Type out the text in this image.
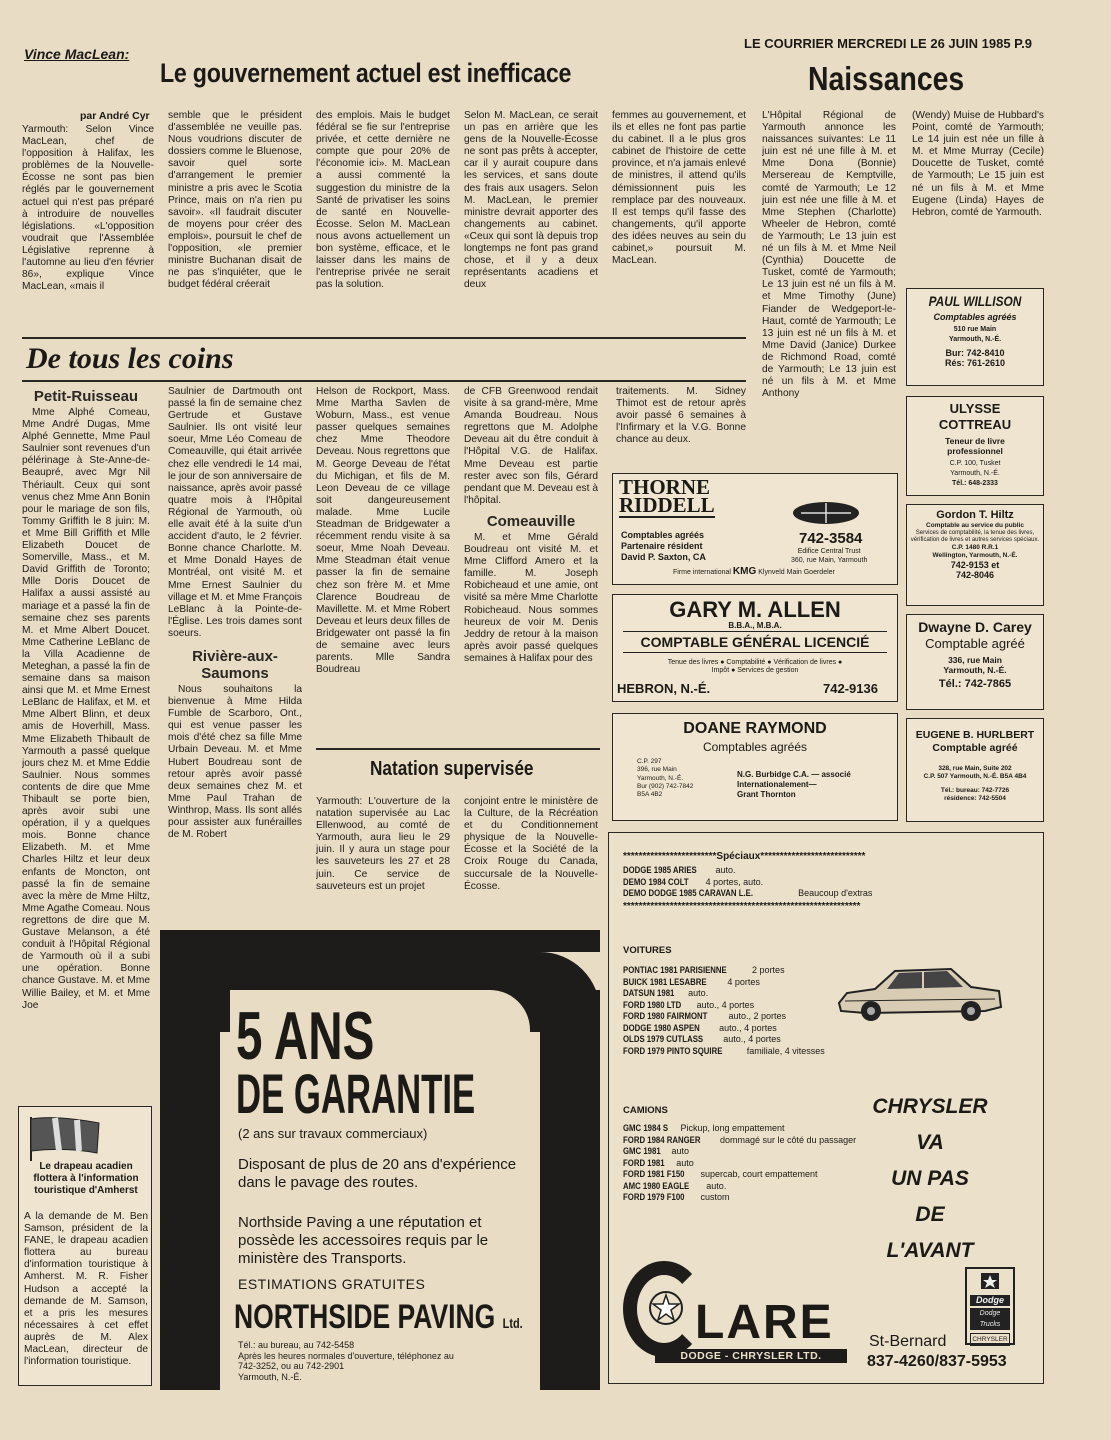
Vince MacLean:
LE COURRIER MERCREDI LE 26 JUIN 1985 P.9
Le gouvernement actuel est inefficace
par André Cyr

Yarmouth: Selon Vince MacLean, chef de l'opposition à Halifax, les problèmes de la Nouvelle-Écosse ne sont pas bien réglés par le gouvernement actuel qui n'est pas préparé à introduire de nouvelles législations. «L'opposition voudrait que l'Assemblée Législative reprenne à l'automne au lieu d'en février 86», explique Vince MacLean, «mais il

semble que le président d'assemblée ne veuille pas. Nous voudrions discuter de dossiers comme le Bluenose, savoir quel sorte d'arrangement le premier ministre a pris avec le Scotia Prince, mais on n'a rien pu savoir». «Il faudrait discuter de moyens pour créer des emplois», poursuit le chef de l'opposition, «le premier ministre Buchanan disait de ne pas s'inquiéter, que le budget fédéral créerait

des emplois. Mais le budget fédéral se fie sur l'entreprise privée, et cette dernière ne compte que pour 20% de l'économie ici». M. MacLean a aussi commenté la suggestion du ministre de la Santé de privatiser les soins de santé en Nouvelle-Écosse. Selon M. MacLean nous avons actuellement un bon système, efficace, et le laisser dans les mains de l'entreprise privée ne serait pas la solution.

Selon M. MacLean, ce serait un pas en arrière que les gens de la Nouvelle-Écosse ne sont pas prêts à accepter, car il y aurait coupure dans les services, et sans doute des frais aux usagers. Selon M. MacLean, le premier ministre devrait apporter des changements au cabinet. «Ceux qui sont là depuis trop longtemps ne font pas grand chose, et il y a deux représentants acadiens et deux

femmes au gouvernement, et ils et elles ne font pas partie du cabinet. Il a le plus gros cabinet de l'histoire de cette province, et n'a jamais enlevé de ministres, il attend qu'ils démissionnent puis les remplace par des nouveaux. Il est temps qu'il fasse des changements, qu'il apporte des idées neuves au sein du cabinet,» poursuit M. MacLean.

Naissances

L'Hôpital Régional de Yarmouth annonce les naissances suivantes: Le 11 juin est né une fille à M. et Mme Dona (Bonnie) Mersereau de Kemptville, comté de Yarmouth; Le 12 juin est née une fille à M. et Mme Stephen (Charlotte) Wheeler de Hebron, comté de Yarmouth; Le 13 juin est né un fils à M. et Mme Neil (Cynthia) Doucette de Tusket, comté de Yarmouth; Le 13 juin est né un fils à M. et Mme Timothy (June) Fiander de Wedgeport-le-Haut, comté de Yarmouth; Le 13 juin est né un fils à M. et Mme David (Janice) Durkee de Richmond Road, comté de Yarmouth; Le 13 juin est né un fils à M. et Mme Anthony

(Wendy) Muise de Hubbard's Point, comté de Yarmouth; Le 14 juin est née un fille à M. et Mme Murray (Cecile) Doucette de Tusket, comté de Yarmouth; Le 15 juin est né un fils à M. et Mme Eugene (Linda) Hayes de Hebron, comté de Yarmouth.

De tous les coins
Petit-Ruisseau

Mme Alphé Comeau, Mme André Dugas, Mme Alphé Gennette, Mme Paul Saulnier sont revenues d'un pélérinage à Ste-Anne-de-Beaupré, avec Mgr Nil Thériault. Ceux qui sont venus chez Mme Ann Bonin pour le mariage de son fils, Tommy Griffith le 8 juin: M. et Mme Bill Griffith et Mlle Elizabeth Doucet de Somerville, Mass., et M. David Griffith de Toronto; Mlle Doris Doucet de Halifax a aussi assisté au mariage et a passé la fin de semaine chez ses parents M. et Mme Albert Doucet. Mme Catherine LeBlanc de la Villa Acadienne de Meteghan, a passé la fin de semaine dans sa maison ainsi que M. et Mme Ernest LeBlanc de Halifax, et M. et Mme Albert Blinn, et deux amis de Hoverhill, Mass. Mme Elizabeth Thibault de Yarmouth a passé quelque jours chez M. et Mme Eddie Saulnier. Nous sommes contents de dire que Mme Thibault se porte bien, après avoir subi une opération, il y a quelques mois. Bonne chance Elizabeth. M. et Mme Charles Hiltz et leur deux enfants de Moncton, ont passé la fin de semaine avec la mère de Mme Hiltz, Mme Agathe Comeau. Nous regrettons de dire que M. Gustave Melanson, a été conduit à l'Hôpital Régional de Yarmouth où il a subi une opération. Bonne chance Gustave. M. et Mme Willie Bailey, et M. et Mme Joe

Saulnier de Dartmouth ont passé la fin de semaine chez Gertrude et Gustave Saulnier. Ils ont visité leur soeur, Mme Léo Comeau de Comeauville, qui était arrivée chez elle vendredi le 14 mai, le jour de son anniversaire de naissance, après avoir passé quatre mois à l'Hôpital Régional de Yarmouth, où elle avait été à la suite d'un accident d'auto, le 2 février. Bonne chance Charlotte. M. et Mme Donald Hayes de Montréal, ont visité M. et Mme Ernest Saulnier du village et M. et Mme François LeBlanc à la Pointe-de-l'Église. Les trois dames sont soeurs.

Rivière-aux-Saumons

Nous souhaitons la bienvenue à Mme Hilda Fumble de Scarboro, Ont., qui est venue passer les mois d'été chez sa fille Mme Urbain Deveau. M. et Mme Hubert Boudreau sont de retour après avoir passé deux semaines chez M. et Mme Paul Trahan de Winthrop, Mass. Ils sont allés pour assister aux funérailles de M. Robert

Helson de Rockport, Mass. Mme Martha Savlen de Woburn, Mass., est venue passer quelques semaines chez Mme Theodore Deveau. Nous regrettons que M. George Deveau de l'état du Michigan, et fils de M. Leon Deveau de ce village soit dangeureusement malade. Mme Lucile Steadman de Bridgewater a récemment rendu visite à sa soeur, Mme Noah Deveau. Mme Steadman était venue passer la fin de semaine chez son frère M. et Mme Clarence Boudreau de Mavillette. M. et Mme Robert Deveau et leurs deux filles de Bridgewater ont passé la fin de semaine avec leurs parents. Mlle Sandra Boudreau

de CFB Greenwood rendait visite à sa grand-mère, Mme Amanda Boudreau. Nous regrettons que M. Adolphe Deveau ait du être conduit à l'Hôpital V.G. de Halifax. Mme Deveau est partie rester avec son fils, Gérard pendant que M. Deveau est à l'hôpital.

Comeauville

M. et Mme Gérald Boudreau ont visité M. et Mme Clifford Amero et la famille. M. Joseph Robicheaud et une amie, ont visité sa mère Mme Charlotte Robicheaud. Nous sommes heureux de voir M. Denis Jeddry de retour à la maison après avoir passé quelques semaines à Halifax pour des

traitements. M. Sidney Thimot est de retour après avoir passé 6 semaines à l'Infirmary et la V.G. Bonne chance au deux.

Le drapeau acadien flottera à l'information touristique d'Amherst

A la demande de M. Ben Samson, président de la FANE, le drapeau acadien flottera au bureau d'information touristique à Amherst. M. R. Fisher Hudson a accepté la demande de M. Samson, et a pris les mesures nécessaires à cet effet auprès de M. Alex MacLean, directeur de l'information touristique.

Natation supervisée

Yarmouth: L'ouverture de la natation supervisée au Lac Ellenwood, au comté de Yarmouth, aura lieu le 29 juin. Il y aura un stage pour les sauveteurs les 27 et 28 juin. Ce service de sauveteurs est un projet

conjoint entre le ministère de la Culture, de la Récréation et du Conditionnement physique de la Nouvelle-Écosse et la Société de la Croix Rouge du Canada, succursale de la Nouvelle-Écosse.

5 ANS
DE GARANTIE
(2 ans sur travaux commerciaux)
Disposant de plus de 20 ans d'expérience dans le pavage des routes.
Northside Paving a une réputation et possède les accessoires requis par le ministère des Transports.
ESTIMATIONS GRATUITES
NORTHSIDE PAVING Ltd.
Tél.: au bureau, au 742-5458
Après les heures normales d'ouverture, téléphonez au
742-3252, ou au 742-2901
Yarmouth, N.-É.
THORNE
RIDDELL
Comptables agréés
Partenaire résident
David P. Saxton, CA
742-3584
Edifice Central Trust
360, rue Main, Yarmouth
Firme international KMG Klynveld Main Goerdeler
GARY M. ALLEN
B.B.A., M.B.A.
COMPTABLE GÉNÉRAL LICENCIÉ
Tenue des livres ● Comptabilité ● Vérification de livres ●
Impôt ● Services de gestion
HEBRON, N.-É.	742-9136
DOANE RAYMOND
Comptables agréés
C.P. 297
396, rue Main
Yarmouth, N.-É.
Bur (902) 742-7842
B5A 4B2
N.G. Burbidge C.A. — associé
Internationalement—
Grant Thornton
PAUL WILLISON
Comptables agréés
510 rue Main
Yarmouth, N.-É.
Bur: 742-8410
Rés: 761-2610
ULYSSE COTTREAU
Teneur de livre professionnel
C.P. 100, Tusket
Yarmouth, N.-É.
Tél.: 648-2333
Gordon T. Hiltz
Comptable au service du public
Services de comptabilité, la tenue des livres, vérification de livres et autres services spéciaux.
C.P. 1480 R.R.1
Wellington, Yarmouth, N.-É.
742-9153 et
742-8046
Dwayne D. Carey
Comptable agréé
336, rue Main
Yarmouth, N.-É.
Tél.: 742-7865
EUGENE B. HURLBERT
Comptable agréé
328, rue Main, Suite 202
C.P. 507 Yarmouth, N.-É. B5A 4B4
Tél.: bureau: 742-7726
résidence: 742-5504
************************Spéciaux***************************
DODGE 1985 ARIES auto.
DEMO 1984 COLT 4 portes, auto.
DEMO DODGE 1985 CARAVAN L.E.	Beaucoup d'extras
*************************************************************
VOITURES
PONTIAC 1981 PARISIENNE	2 portes
BUICK 1981 LESABRE 4 portes
DATSUN 1981 auto.
FORD 1980 LTD auto., 4 portes
FORD 1980 FAIRMONT auto., 2 portes
DODGE 1980 ASPEN auto., 4 portes
OLDS 1979 CUTLASS auto., 4 portes
FORD 1979 PINTO SQUIRE	familiale, 4 vitesses
CAMIONS
GMC 1984 S Pickup, long empattement
FORD 1984 RANGER dommagé sur le côté du passager
GMC 1981 auto
FORD 1981 auto
FORD 1981 F150 supercab, court empattement
AMC 1980 EAGLE auto.
FORD 1979 F100 custom
CHRYSLER
VA
UN PAS
DE
L'AVANT
Dodge
Dodge Trucks
CHRYSLER
LARE
DODGE - CHRYSLER LTD.
St-Bernard
837-4260/837-5953
